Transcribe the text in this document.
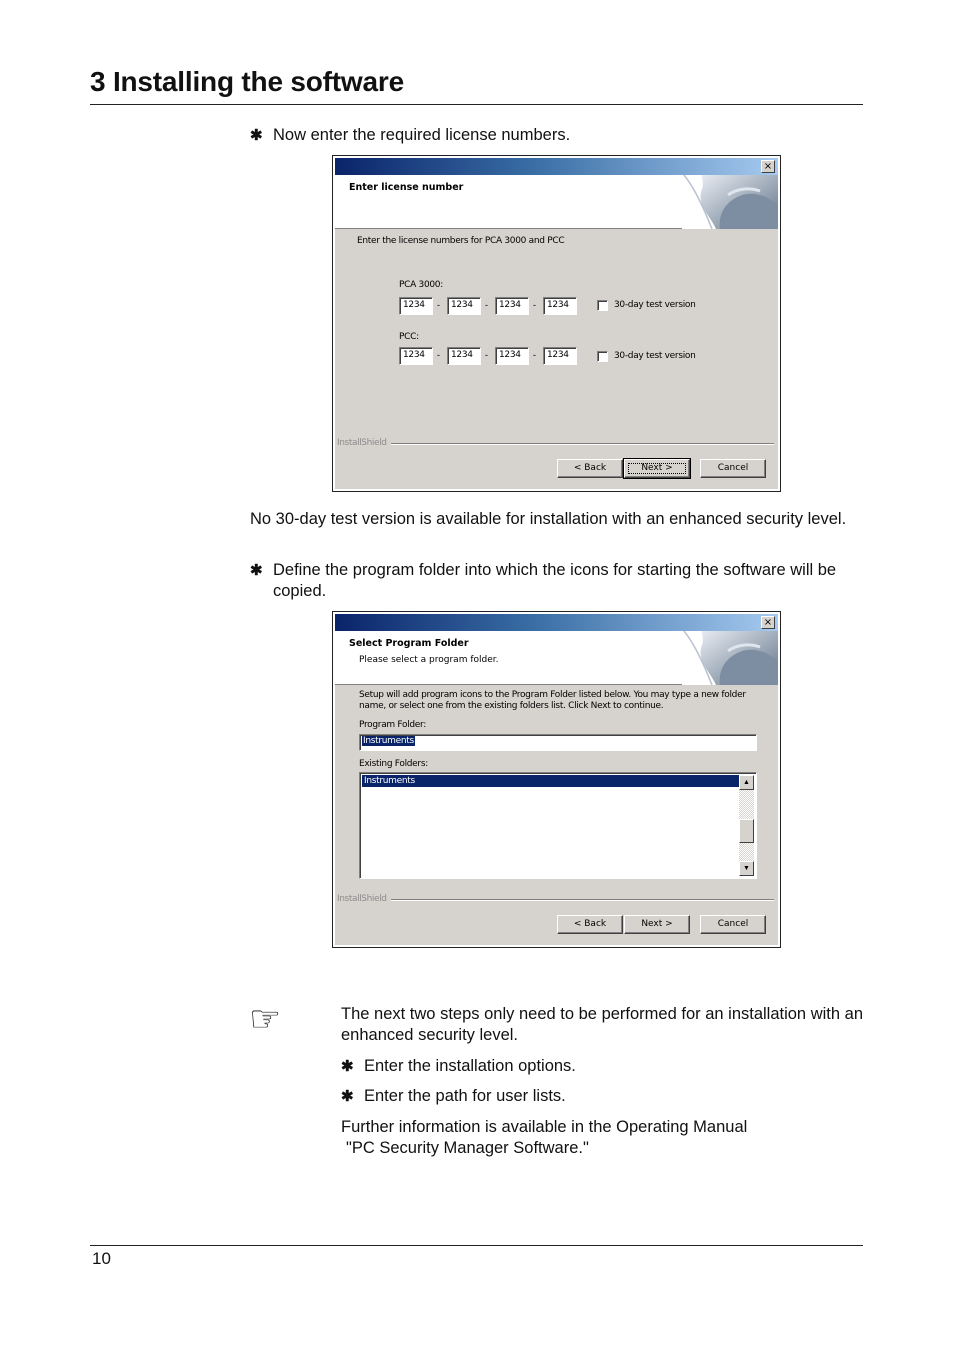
3 Installing the software
✱ Now enter the required license numbers.
×
Enter license number
Enter the license numbers for PCA 3000 and PCC
PCA 3000:
1234	-	1234	-	1234	-	1234	30-day test version
PCC:
1234	-	1234	-	1234	-	1234	30-day test version
InstallShield
< Back	Next >	Cancel
No 30-day test version is available for installation with an enhanced security level.
✱ Define the program folder into which the icons for starting the software will be copied.
×
Select Program Folder
Please select a program folder.
Setup will add program icons to the Program Folder listed below. You may type a new folder name, or select one from the existing folders list. Click Next to continue.
Program Folder:
Instruments
Existing Folders:
Instruments	▲
▼
InstallShield
< Back	Next >	Cancel
☞	The next two steps only need to be performed for an installation with an enhanced security level.
✱ Enter the installation options.
✱ Enter the path for user lists.
Further information is available in the Operating Manual
"PC Security Manager Software."
10
